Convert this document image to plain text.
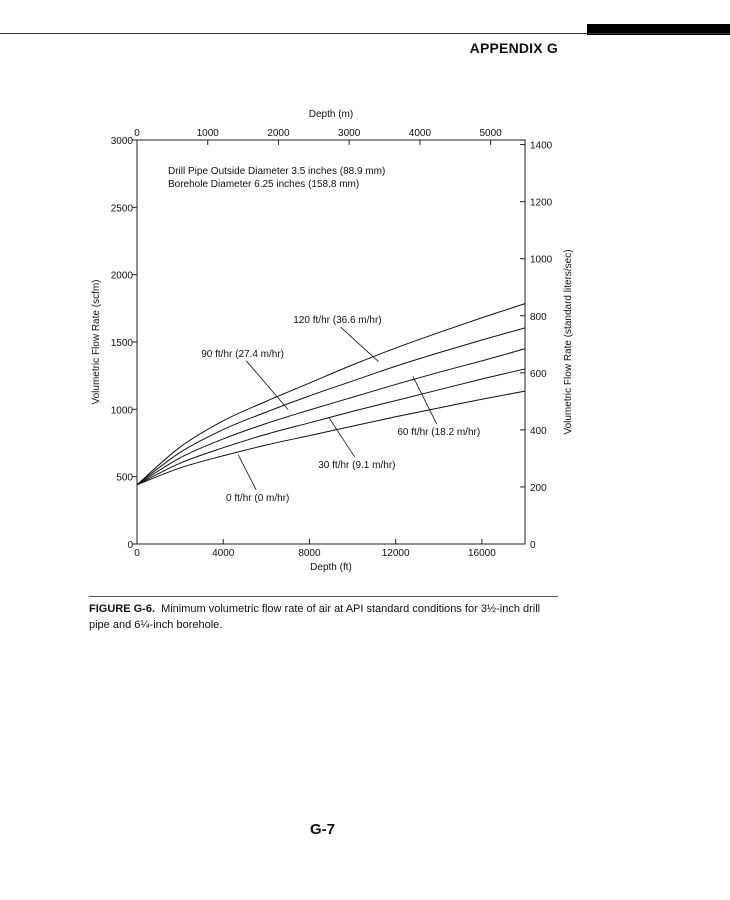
APPENDIX G
0	4000	8000	12000	16000
0
500
1000
1500
2000
2500
3000
0	1000	2000	3000	4000	5000
0
200
400
600
800
1000
1200
1400
0 ft/hr (0 m/hr)
30 ft/hr (9.1 m/hr)
60 ft/hr (18.2 m/hr)
90 ft/hr (27.4 m/hr)
120 ft/hr (36.6 m/hr)
Depth (ft)
Depth (m)
Volumetric Flow Rate (scfm)	Volumetric Flow Rate (standard liters/sec)
Drill Pipe Outside Diameter 3.5 inches (88.9 mm)
Borehole Diameter 6.25 inches (158.8 mm)
FIGURE G-6. Minimum volumetric flow rate of air at API standard conditions for 3½-inch drill pipe and 6¼-inch borehole.
G-7
